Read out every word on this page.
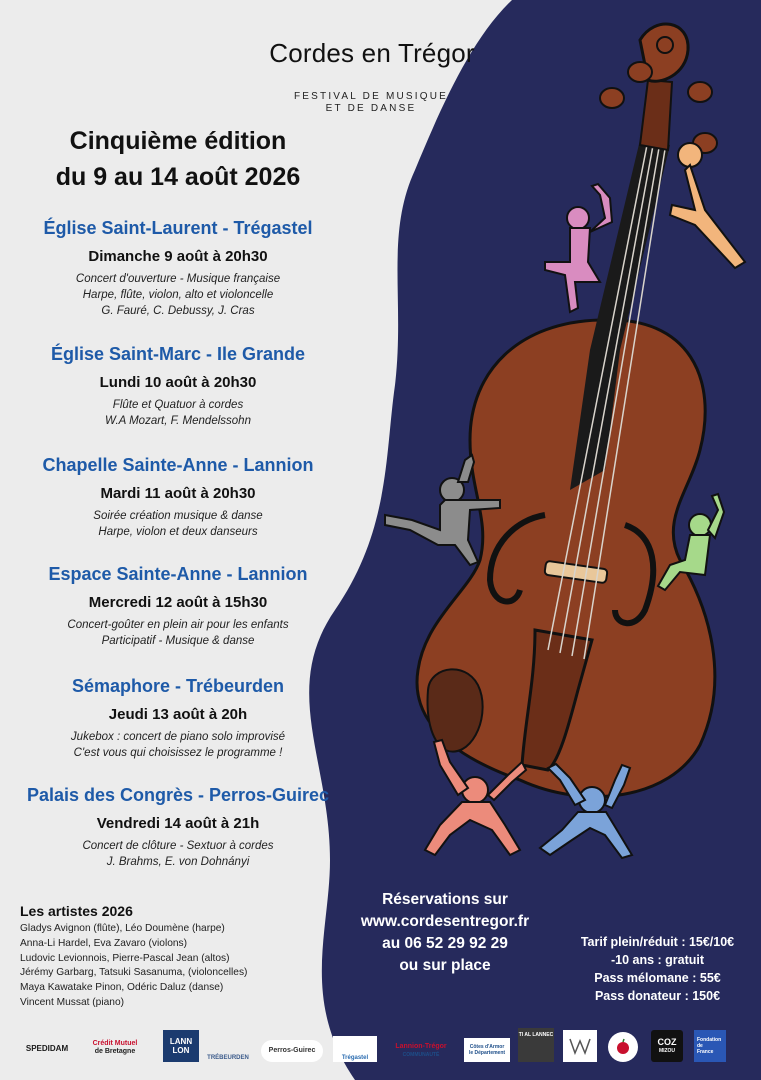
Cordes en Trégor
FESTIVAL DE MUSIQUE
ET DE DANSE
Cinquième édition
du 9 au 14 août 2026
Église Saint-Laurent - Trégastel
Dimanche 9 août à 20h30
Concert d'ouverture - Musique française
Harpe, flûte, violon, alto et violoncelle
G. Fauré, C. Debussy, J. Cras
Église Saint-Marc - Ile Grande
Lundi 10 août à 20h30
Flûte et Quatuor à cordes
W.A Mozart, F. Mendelssohn
Chapelle Sainte-Anne - Lannion
Mardi 11 août à 20h30
Soirée création musique & danse
Harpe, violon et deux danseurs
Espace Sainte-Anne - Lannion
Mercredi 12 août à 15h30
Concert-goûter en plein air pour les enfants
Participatif - Musique & danse
Sémaphore - Trébeurden
Jeudi 13 août à 20h
Jukebox : concert de piano solo improvisé
C'est vous qui choisissez le programme !
Palais des Congrès - Perros-Guirec
Vendredi 14 août à 21h
Concert de clôture - Sextuor à cordes
J. Brahms, E. von Dohnányi
Les artistes 2026
Gladys Avignon (flûte), Léo Doumène (harpe)
Anna-Li Hardel, Eva Zavaro (violons)
Ludovic Levionnois, Pierre-Pascal Jean (altos)
Jérémy Garbarg, Tatsuki Sasanuma, (violoncelles)
Maya Kawatake Pinon, Odéric Daluz (danse)
Vincent Mussat (piano)
Réservations sur
www.cordesentregor.fr
au 06 52 29 92 29
ou sur place
Tarif plein/réduit : 15€/10€
-10 ans : gratuit
Pass mélomane : 55€
Pass donateur : 150€
SPEDIDAM
Crédit Mutuel
de Bretagne
LANN
LON
TRÉBEURDEN
Perros-Guirec
Trégastel
Lannion-Trégor
COMMUNAUTÉ
Côtes d'Armor
le Département
TI AL LANNEC
COZ
MIZOU
Fondation
de
France
